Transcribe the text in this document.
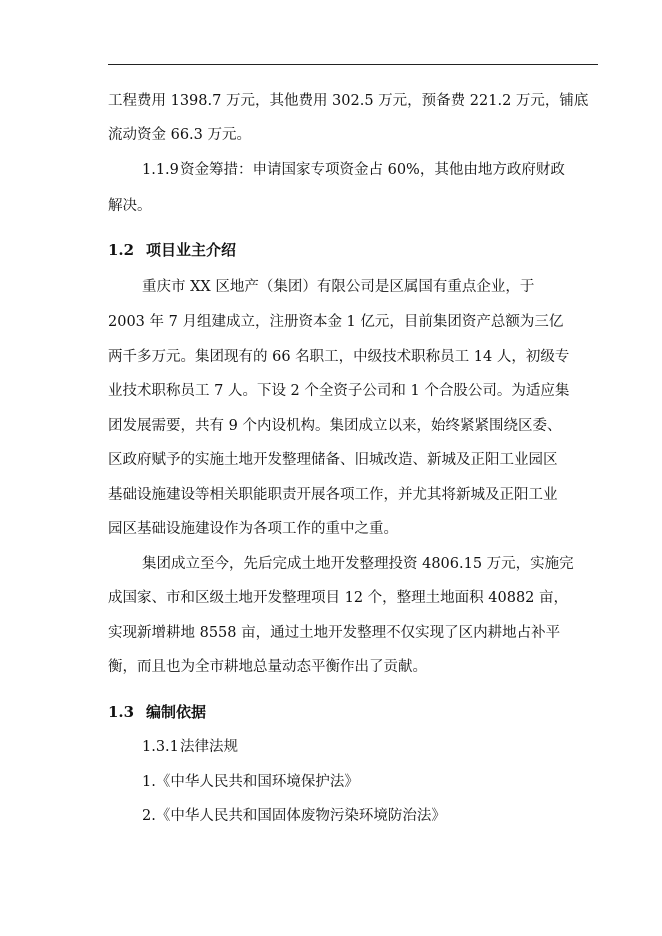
工程费用 1398.7 万元，其他费用 302.5 万元，预备费 221.2 万元，铺底
流动资金 66.3 万元。
1.1.9资金筹措：申请国家专项资金占 60%，其他由地方政府财政
解决。
1.2 项目业主介绍
重庆市 XX 区地产（集团）有限公司是区属国有重点企业，于
2003 年 7 月组建成立，注册资本金 1 亿元，目前集团资产总额为三亿
两千多万元。集团现有的 66 名职工，中级技术职称员工 14 人，初级专
业技术职称员工 7 人。下设 2 个全资子公司和 1 个合股公司。为适应集
团发展需要，共有 9 个内设机构。集团成立以来，始终紧紧围绕区委、
区政府赋予的实施土地开发整理储备、旧城改造、新城及正阳工业园区
基础设施建设等相关职能职责开展各项工作，并尤其将新城及正阳工业
园区基础设施建设作为各项工作的重中之重。
集团成立至今，先后完成土地开发整理投资 4806.15 万元，实施完
成国家、市和区级土地开发整理项目 12 个，整理土地面积 40882 亩，
实现新增耕地 8558 亩，通过土地开发整理不仅实现了区内耕地占补平
衡，而且也为全市耕地总量动态平衡作出了贡献。
1.3 编制依据
1.3.1法律法规
1.《中华人民共和国环境保护法》
2.《中华人民共和国固体废物污染环境防治法》
